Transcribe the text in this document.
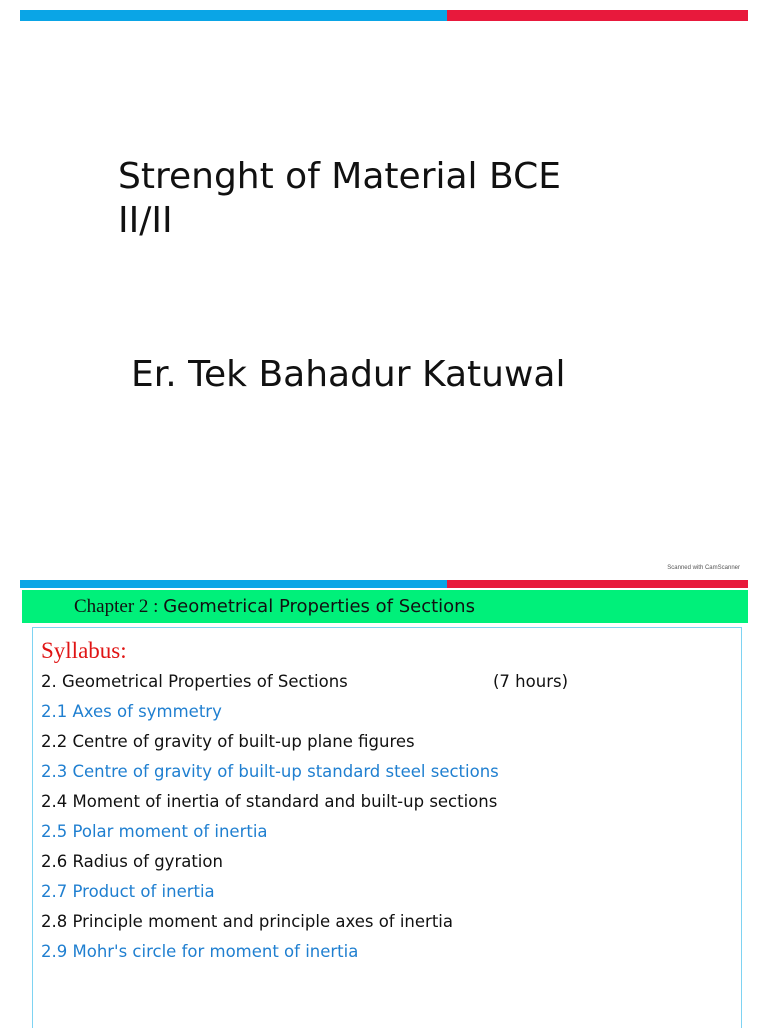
Strenght of Material BCE
II/II
Er. Tek Bahadur Katuwal
Scanned with CamScanner
Chapter 2 : Geometrical Properties of Sections
Syllabus:
2. Geometrical Properties of Sections	(7 hours)
2.1 Axes of symmetry
2.2 Centre of gravity of built-up plane figures
2.3 Centre of gravity of built-up standard steel sections
2.4 Moment of inertia of standard and built-up sections
2.5 Polar moment of inertia
2.6 Radius of gyration
2.7 Product of inertia
2.8 Principle moment and principle axes of inertia
2.9 Mohr's circle for moment of inertia
